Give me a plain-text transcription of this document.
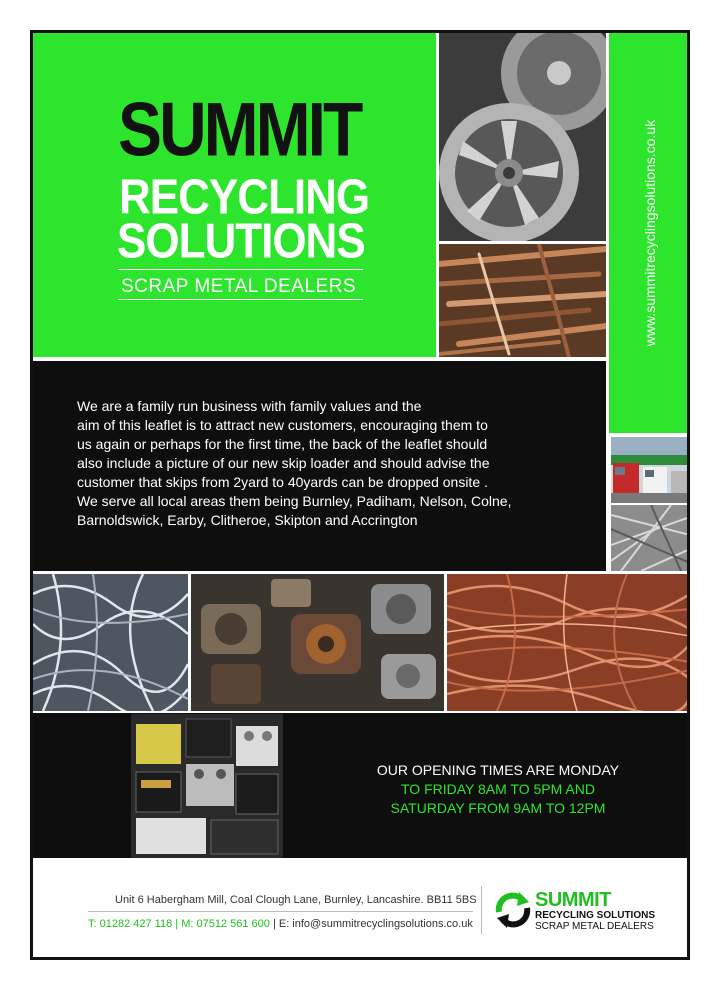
SUMMIT
RECYCLING
SOLUTIONS
SCRAP METAL DEALERS	www.summitrecyclingsolutions.co.uk
We are a family run business with family values and the
aim of this leaflet is to attract new customers, encouraging them to
us again or perhaps for the first time, the back of the leaflet should
also include a picture of our new skip loader and should advise the
customer that skips from 2yard to 40yards can be dropped onsite .
We serve all local areas them being Burnley, Padiham, Nelson, Colne,
Barnoldswick, Earby, Clitheroe, Skipton and Accrington
OUR OPENING TIMES ARE MONDAY
TO FRIDAY 8AM TO 5PM AND
SATURDAY FROM 9AM TO 12PM
Unit 6 Habergham Mill, Coal Clough Lane, Burnley, Lancashire. BB11 5BS
T: 01282 427 118 | M: 07512 561 600 | E: info@summitrecyclingsolutions.co.uk
SUMMIT
RECYCLING SOLUTIONS
SCRAP METAL DEALERS
